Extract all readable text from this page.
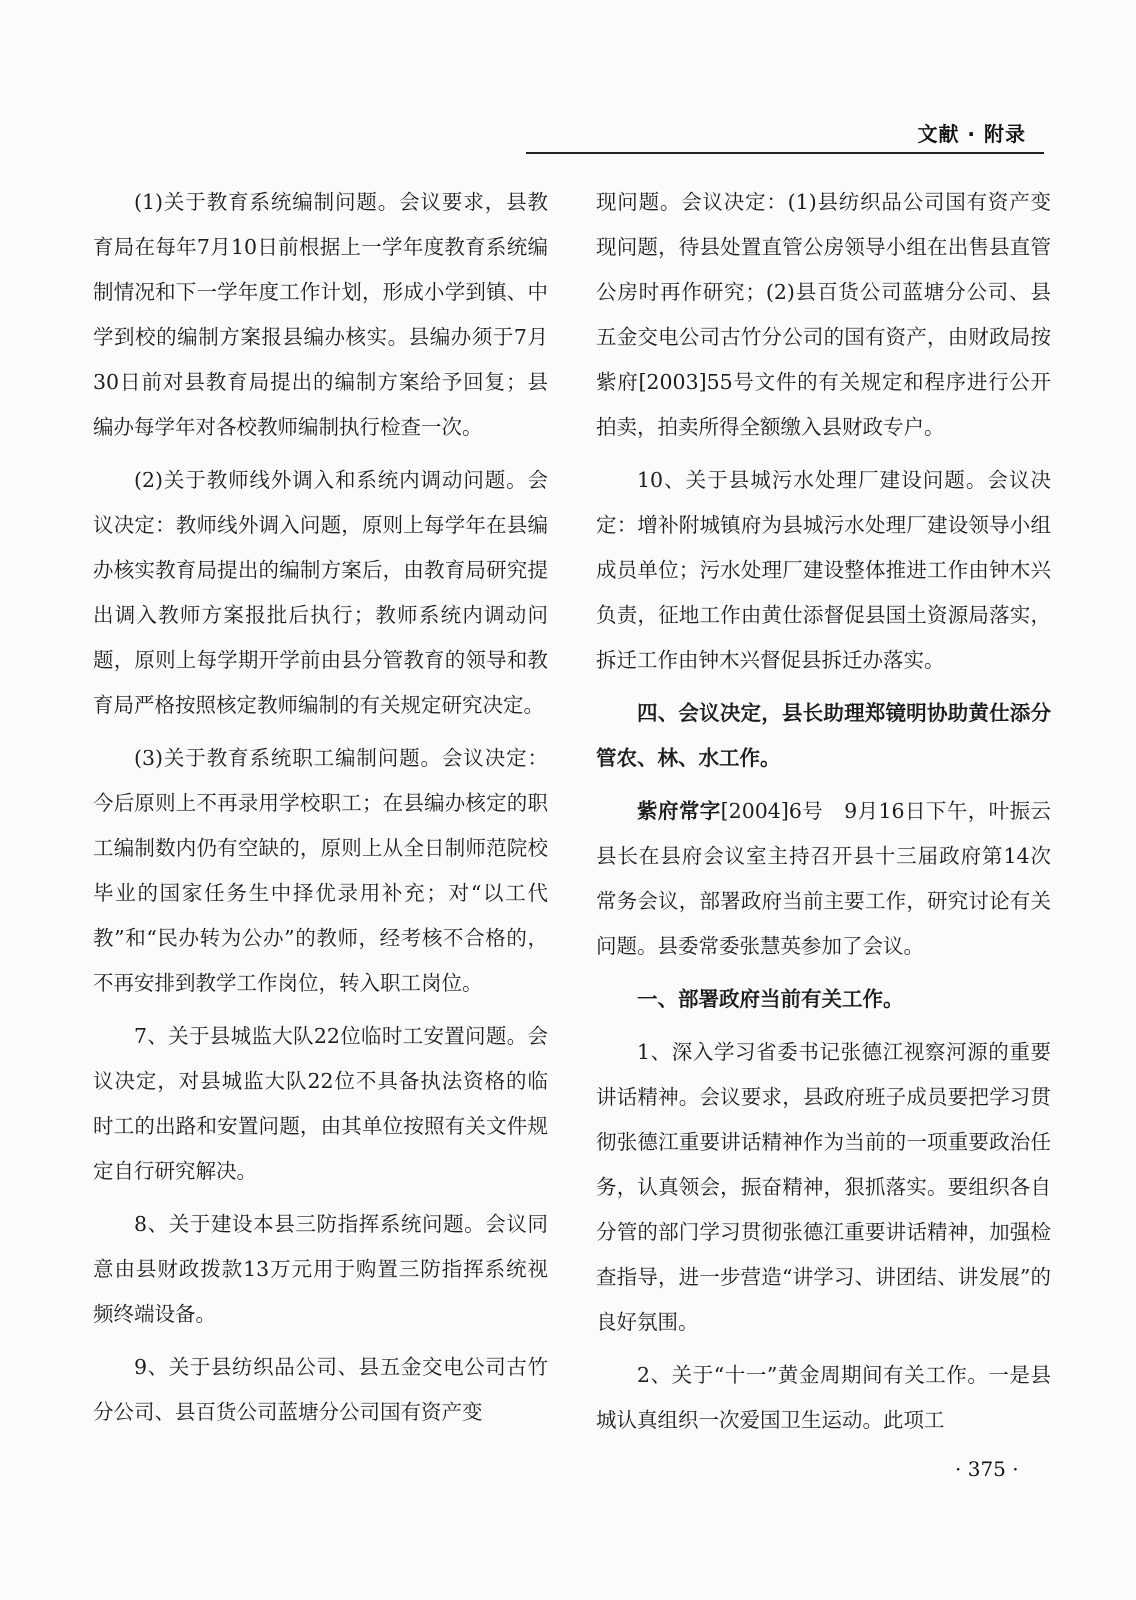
文献 · 附录

(1)关于教育系统编制问题。会议要求，县教育局在每年7月10日前根据上一学年度教育系统编制情况和下一学年度工作计划，形成小学到镇、中学到校的编制方案报县编办核实。县编办须于7月30日前对县教育局提出的编制方案给予回复；县编办每学年对各校教师编制执行检查一次。

(2)关于教师线外调入和系统内调动问题。会议决定：教师线外调入问题，原则上每学年在县编办核实教育局提出的编制方案后，由教育局研究提出调入教师方案报批后执行；教师系统内调动问题，原则上每学期开学前由县分管教育的领导和教育局严格按照核定教师编制的有关规定研究决定。

(3)关于教育系统职工编制问题。会议决定：今后原则上不再录用学校职工；在县编办核定的职工编制数内仍有空缺的，原则上从全日制师范院校毕业的国家任务生中择优录用补充；对“以工代教”和“民办转为公办”的教师，经考核不合格的，不再安排到教学工作岗位，转入职工岗位。

7、关于县城监大队22位临时工安置问题。会议决定，对县城监大队22位不具备执法资格的临时工的出路和安置问题，由其单位按照有关文件规定自行研究解决。

8、关于建设本县三防指挥系统问题。会议同意由县财政拨款13万元用于购置三防指挥系统视频终端设备。

9、关于县纺织品公司、县五金交电公司古竹分公司、县百货公司蓝塘分公司国有资产变

现问题。会议决定：(1)县纺织品公司国有资产变现问题，待县处置直管公房领导小组在出售县直管公房时再作研究；(2)县百货公司蓝塘分公司、县五金交电公司古竹分公司的国有资产，由财政局按紫府[2003]55号文件的有关规定和程序进行公开拍卖，拍卖所得全额缴入县财政专户。

10、关于县城污水处理厂建设问题。会议决定：增补附城镇府为县城污水处理厂建设领导小组成员单位；污水处理厂建设整体推进工作由钟木兴负责，征地工作由黄仕添督促县国土资源局落实，拆迁工作由钟木兴督促县拆迁办落实。

四、会议决定，县长助理郑镜明协助黄仕添分管农、林、水工作。

紫府常字[2004]6号　9月16日下午，叶振云县长在县府会议室主持召开县十三届政府第14次常务会议，部署政府当前主要工作，研究讨论有关问题。县委常委张慧英参加了会议。

一、部署政府当前有关工作。

1、深入学习省委书记张德江视察河源的重要讲话精神。会议要求，县政府班子成员要把学习贯彻张德江重要讲话精神作为当前的一项重要政治任务，认真领会，振奋精神，狠抓落实。要组织各自分管的部门学习贯彻张德江重要讲话精神，加强检查指导，进一步营造“讲学习、讲团结、讲发展”的良好氛围。

2、关于“十一”黄金周期间有关工作。一是县城认真组织一次爱国卫生运动。此项工

· 375 ·
